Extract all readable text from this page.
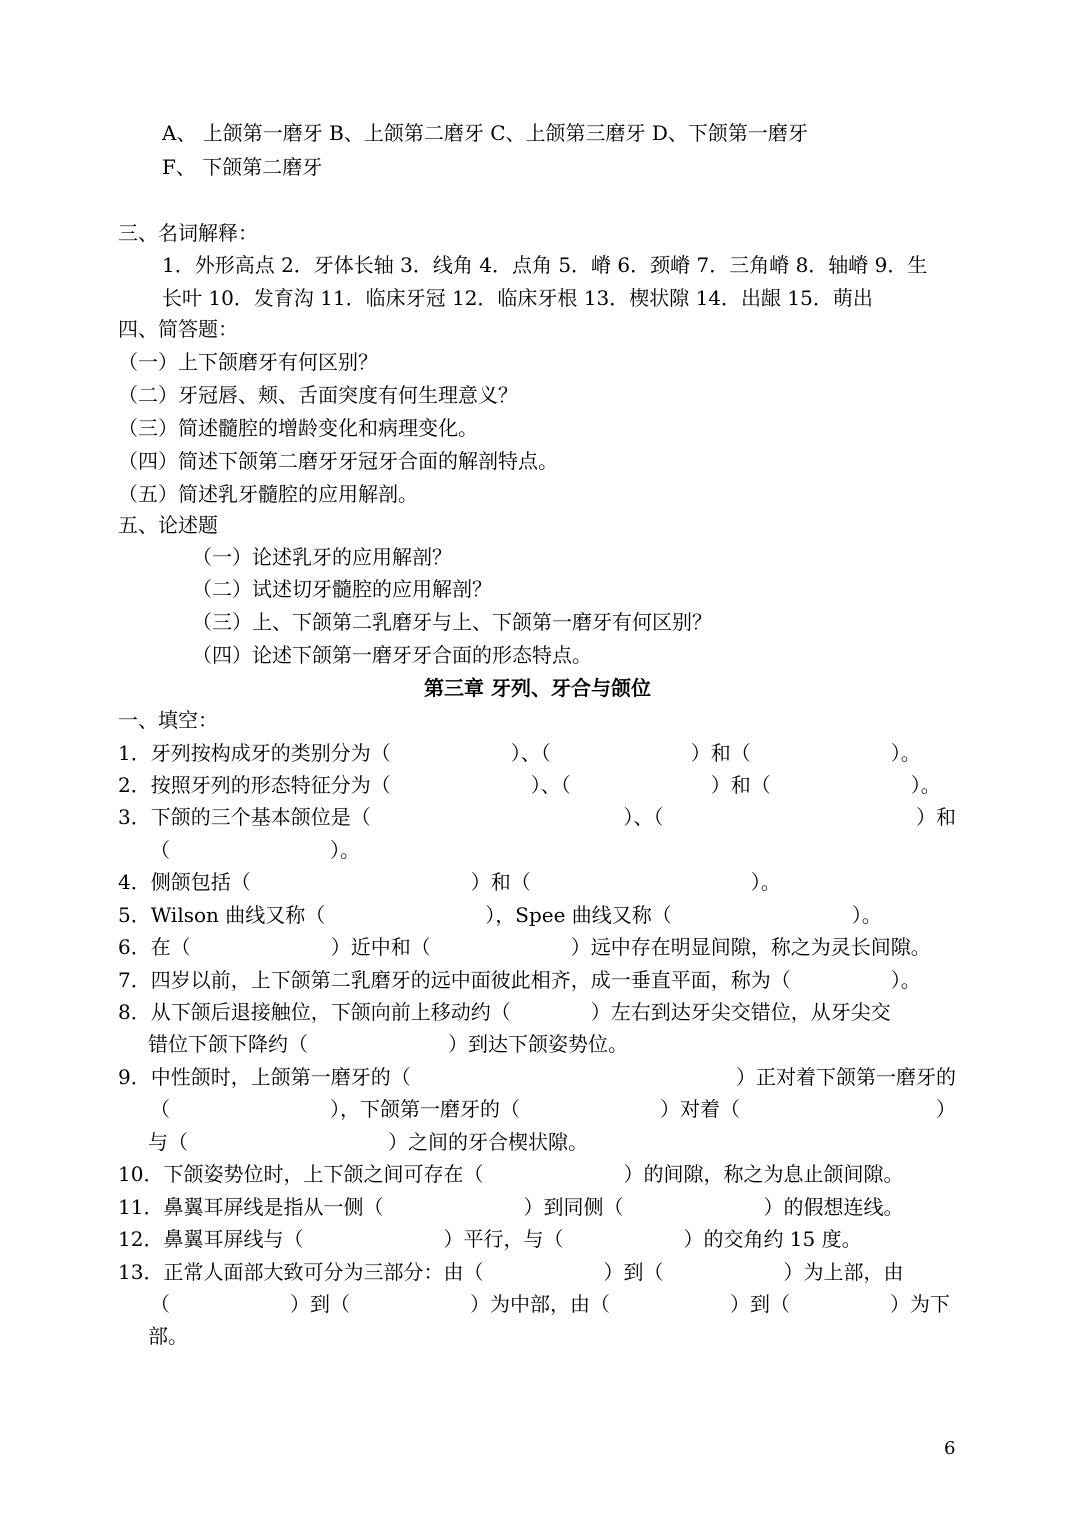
A、 上颌第一磨牙 B、上颌第二磨牙 C、上颌第三磨牙 D、下颌第一磨牙
F、 下颌第二磨牙
三、名词解释：
1．外形高点 2．牙体长轴 3．线角 4．点角 5．嵴 6．颈嵴 7．三角嵴 8．轴嵴 9．生
长叶 10．发育沟 11．临床牙冠 12．临床牙根 13．楔状隙 14．出龈 15．萌出
四、简答题：
（一）上下颌磨牙有何区别？
（二）牙冠唇、颊、舌面突度有何生理意义？
（三）简述髓腔的增龄变化和病理变化。
（四）简述下颌第二磨牙牙冠牙合面的解剖特点。
（五）简述乳牙髓腔的应用解剖。
五、论述题
（一）论述乳牙的应用解剖？
（二）试述切牙髓腔的应用解剖？
（三）上、下颌第二乳磨牙与上、下颌第一磨牙有何区别？
（四）论述下颌第一磨牙牙合面的形态特点。
第三章 牙列、牙合与颌位
一、填空：
1．牙列按构成牙的类别分为（　　　　　　）、（　　　　　　　）和（　　　　　　　）。
2．按照牙列的形态特征分为（　　　　　　　）、（　　　　　　　）和（　　　　　　　）。
3．下颌的三个基本颌位是（	）、（	）和
（　　　　　　　　）。
4．侧颌包括（　　　　　　　　　　　）和（　　　　　　　　　　　）。
5．Wilson 曲线又称（　　　　　　　　），Spee 曲线又称（　　　　　　　　　）。
6．在（　　　　　　　）近中和（　　　　　　　）远中存在明显间隙，称之为灵长间隙。
7．四岁以前，上下颌第二乳磨牙的远中面彼此相齐，成一垂直平面，称为（　　　　　）。
8．从下颌后退接触位，下颌向前上移动约（　　　　）左右到达牙尖交错位，从牙尖交
错位下颌下降约（　　　　　　　）到达下颌姿势位。
9．中性颌时，上颌第一磨牙的（	）正对着下颌第一磨牙的
（　　　　　　　　），下颌第一磨牙的（　　　　　　　）对着（	）
与（　　　　　　　　　　）之间的牙合楔状隙。
10．下颌姿势位时，上下颌之间可存在（　　　　　　　）的间隙，称之为息止颌间隙。
11．鼻翼耳屏线是指从一侧（　　　　　　　）到同侧（　　　　　　　）的假想连线。
12．鼻翼耳屏线与（　　　　　　　）平行，与（　　　　　　）的交角约 15 度。
13．正常人面部大致可分为三部分：由（　　　　　　）到（　　　　　　）为上部，由
（　　　　　　）到（　　　　　　）为中部，由（　　　　　　）到（　　　　　）为下
部。
6
